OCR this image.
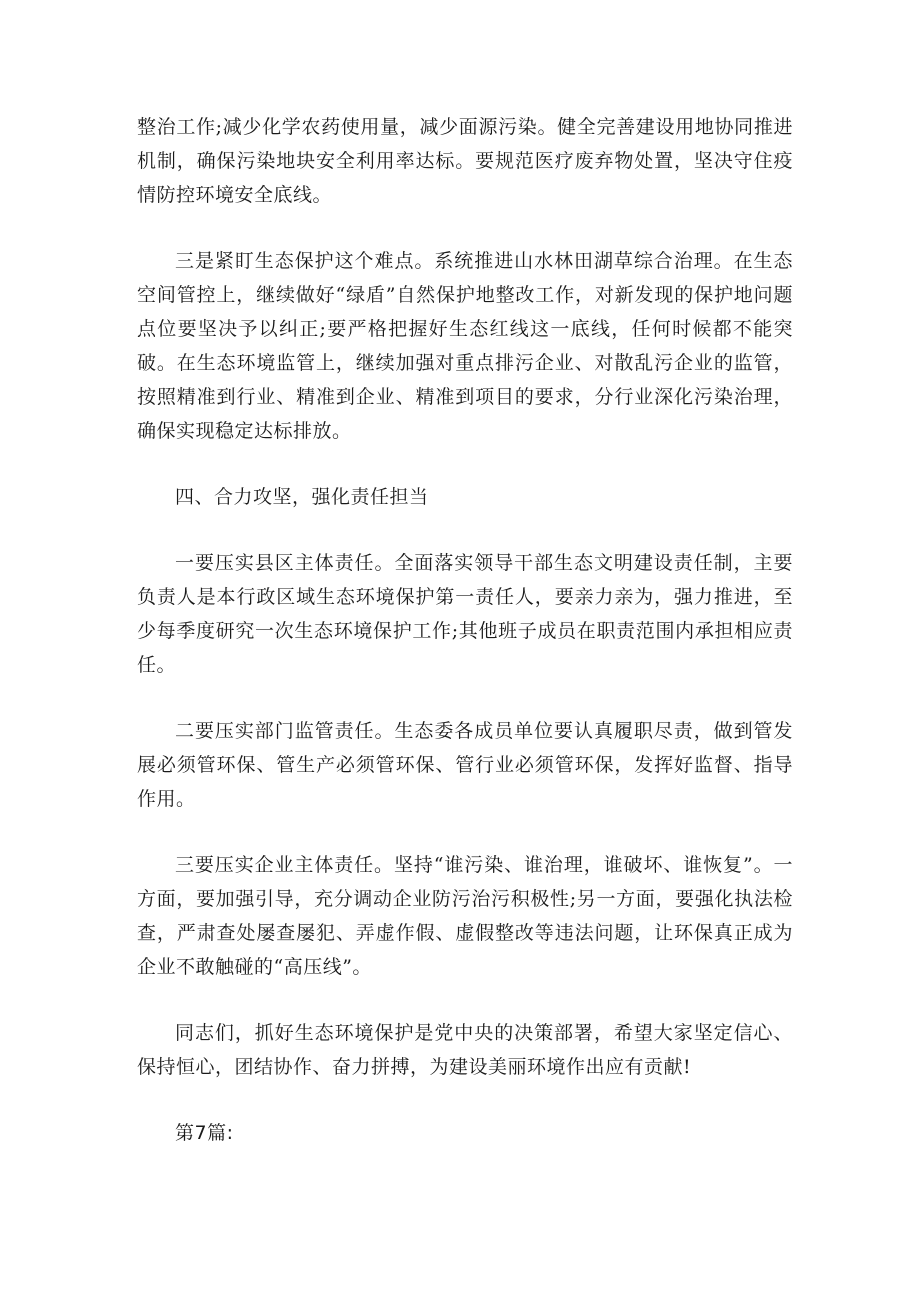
整治工作;减少化学农药使用量，减少面源污染。健全完善建设用地协同推进机制，确保污染地块安全利用率达标。要规范医疗废弃物处置，坚决守住疫情防控环境安全底线。

三是紧盯生态保护这个难点。系统推进山水林田湖草综合治理。在生态空间管控上，继续做好“绿盾”自然保护地整改工作，对新发现的保护地问题点位要坚决予以纠正;要严格把握好生态红线这一底线，任何时候都不能突破。在生态环境监管上，继续加强对重点排污企业、对散乱污企业的监管，按照精准到行业、精准到企业、精准到项目的要求，分行业深化污染治理，确保实现稳定达标排放。

四、合力攻坚，强化责任担当

一要压实县区主体责任。全面落实领导干部生态文明建设责任制，主要负责人是本行政区域生态环境保护第一责任人，要亲力亲为，强力推进，至少每季度研究一次生态环境保护工作;其他班子成员在职责范围内承担相应责任。

二要压实部门监管责任。生态委各成员单位要认真履职尽责，做到管发展必须管环保、管生产必须管环保、管行业必须管环保，发挥好监督、指导作用。

三要压实企业主体责任。坚持“谁污染、谁治理，谁破坏、谁恢复”。一方面，要加强引导，充分调动企业防污治污积极性;另一方面，要强化执法检查，严肃查处屡查屡犯、弄虚作假、虚假整改等违法问题，让环保真正成为企业不敢触碰的“高压线”。

同志们，抓好生态环境保护是党中央的决策部署，希望大家坚定信心、保持恒心，团结协作、奋力拼搏，为建设美丽环境作出应有贡献!

第7篇:
